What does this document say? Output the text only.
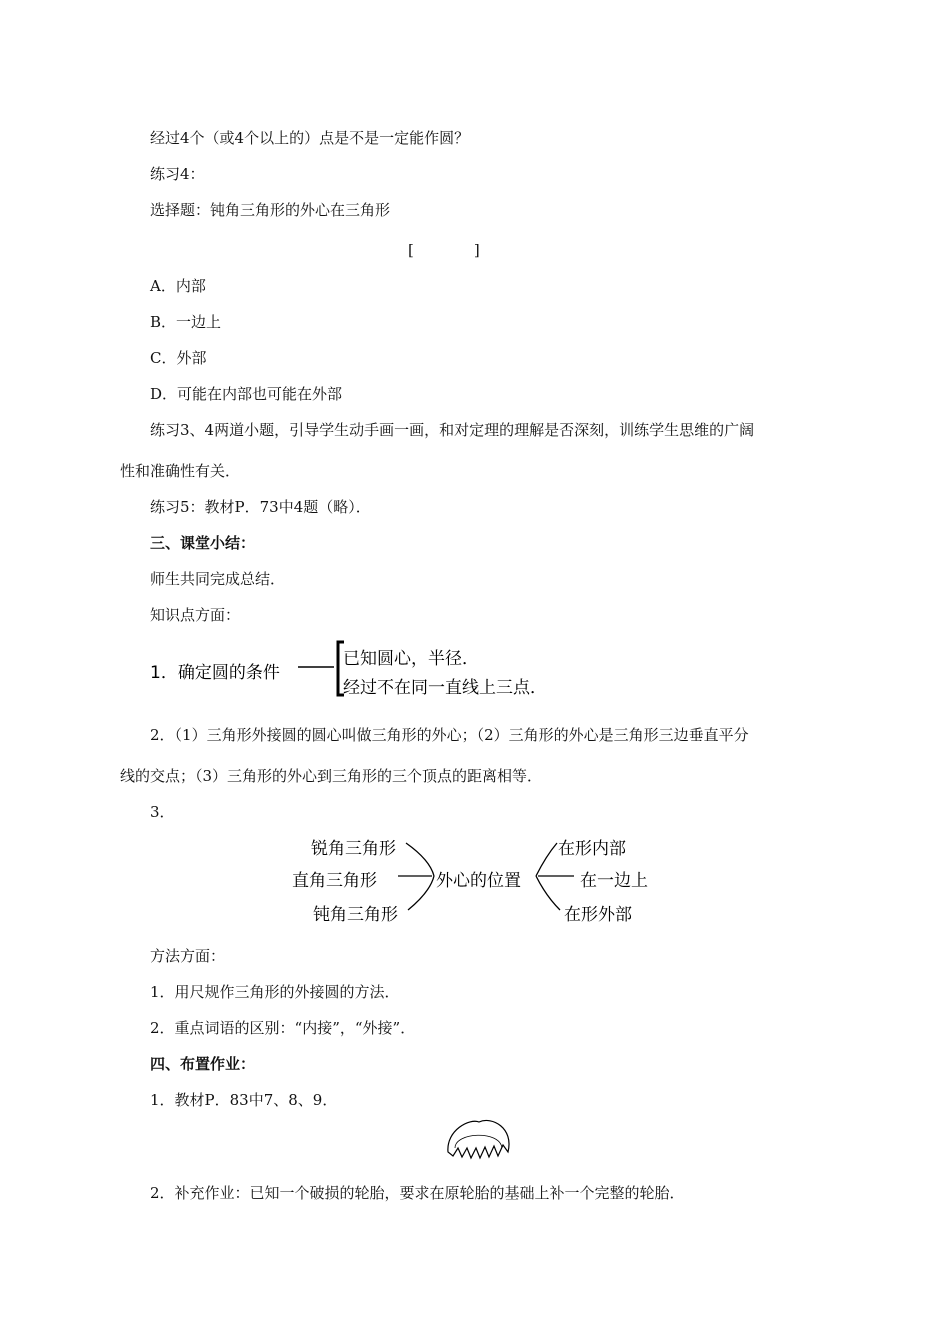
经过4个（或4个以上的）点是不是一定能作圆？
练习4：
选择题：钝角三角形的外心在三角形
[　　　　]
A．内部
B．一边上
C．外部
D．可能在内部也可能在外部
练习3、4两道小题，引导学生动手画一画，和对定理的理解是否深刻，训练学生思维的广阔
性和准确性有关．
练习5：教材P．73中4题（略）．
三、课堂小结：
师生共同完成总结．
知识点方面：
1．确定圆的条件
已知圆心，半径．
经过不在同一直线上三点．
2．（1）三角形外接圆的圆心叫做三角形的外心；（2）三角形的外心是三角形三边垂直平分
线的交点；（3）三角形的外心到三角形的三个顶点的距离相等．
3．
锐角三角形
直角三角形
钝角三角形
外心的位置
在形内部
在一边上
在形外部
方法方面：
1．用尺规作三角形的外接圆的方法．
2．重点词语的区别：“内接”，“外接”．
四、布置作业：
1．教材P．83中7、8、9．
2．补充作业：已知一个破损的轮胎，要求在原轮胎的基础上补一个完整的轮胎．
